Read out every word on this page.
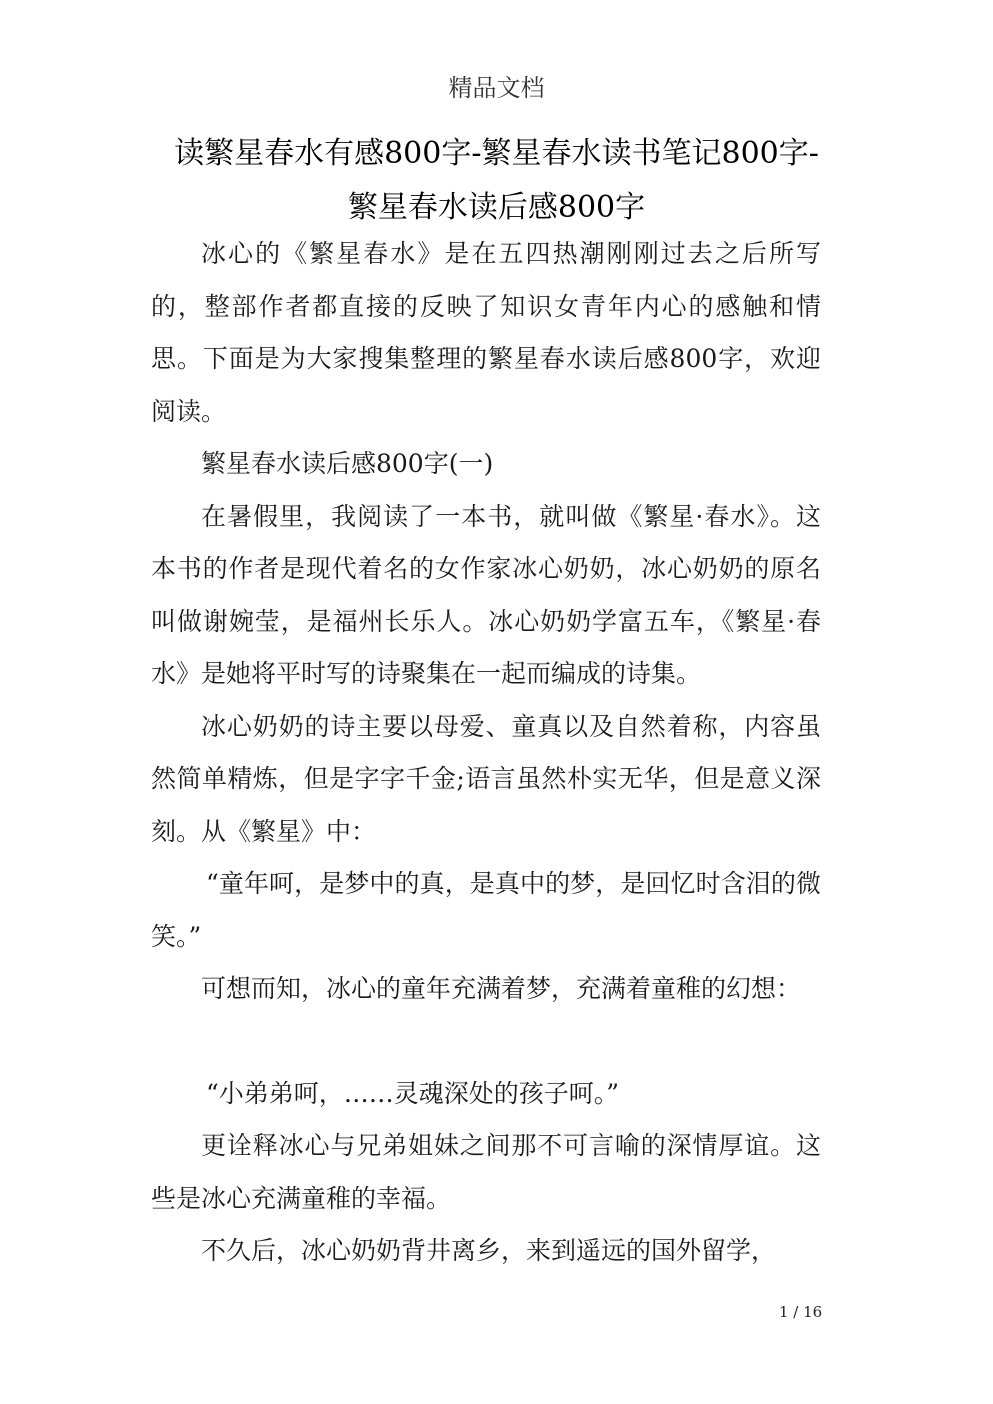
精品文档
读繁星春水有感800字-繁星春水读书笔记800字-
繁星春水读后感800字

冰心的《繁星春水》是在五四热潮刚刚过去之后所写的，整部作者都直接的反映了知识女青年内心的感触和情思。下面是为大家搜集整理的繁星春水读后感800字，欢迎阅读。

繁星春水读后感800字(一)

在暑假里，我阅读了一本书，就叫做《繁星·春水》。这本书的作者是现代着名的女作家冰心奶奶，冰心奶奶的原名叫做谢婉莹，是福州长乐人。冰心奶奶学富五车，《繁星·春水》是她将平时写的诗聚集在一起而编成的诗集。

冰心奶奶的诗主要以母爱、童真以及自然着称，内容虽然简单精炼，但是字字千金;语言虽然朴实无华，但是意义深刻。从《繁星》中：

“童年呵，是梦中的真，是真中的梦，是回忆时含泪的微笑。”

可想而知，冰心的童年充满着梦，充满着童稚的幻想：

“小弟弟呵，……灵魂深处的孩子呵。”

更诠释冰心与兄弟姐妹之间那不可言喻的深情厚谊。这些是冰心充满童稚的幸福。

不久后，冰心奶奶背井离乡，来到遥远的国外留学，

1 / 16
